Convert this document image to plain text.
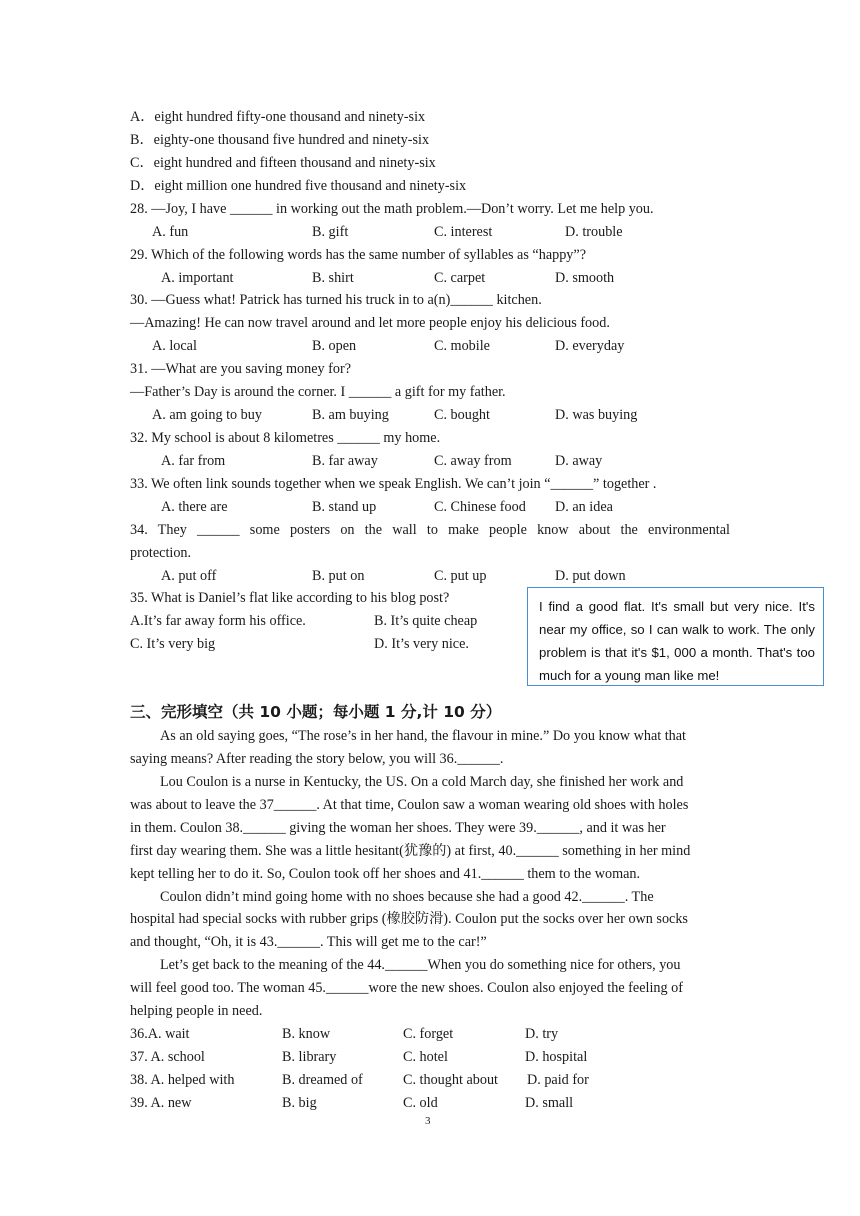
A．eight hundred fifty-one thousand and ninety-six
B．eighty-one thousand five hundred and ninety-six
C．eight hundred and fifteen thousand and ninety-six
D．eight million one hundred five thousand and ninety-six
28. —Joy, I have ______ in working out the math problem.—Don’t worry. Let me help you.
A. fun	B. gift	C. interest	D. trouble
29. Which of the following words has the same number of syllables as “happy”?
A. important	B. shirt	C. carpet	D. smooth
30. —Guess what! Patrick has turned his truck in to a(n)______ kitchen.
—Amazing! He can now travel around and let more people enjoy his delicious food.
A. local	B. open	C. mobile	D. everyday
31. —What are you saving money for?
—Father’s Day is around the corner. I ______ a gift for my father.
A. am going to buy	B. am buying	C. bought	D. was buying
32. My school is about 8 kilometres ______ my home.
A. far from	B. far away	C. away from	D. away
33. We often link sounds together when we speak English. We can’t join “______” together .
A. there are	B. stand up	C. Chinese food D. an idea
34. They ______ some posters on the wall to make people know about the environmental
protection.
A. put off	B. put on	C. put up	D. put down
35. What is Daniel’s flat like according to his blog post?
A.It’s far away form his office.	B. It’s quite cheap
C. It’s very big	D. It’s very nice.
I find a good flat. It's small but very nice. It's near my office, so I can walk to work. The only problem is that it's $1, 000 a month. That's too much for a young man like me!
三、完形填空（共 10 小题；每小题 1 分,计 10 分）
As an old saying goes, “The rose’s in her hand, the flavour in mine.” Do you know what that
saying means? After reading the story below, you will 36.______.
Lou Coulon is a nurse in Kentucky, the US. On a cold March day, she finished her work and
was about to leave the 37______. At that time, Coulon saw a woman wearing old shoes with holes
in them. Coulon 38.______ giving the woman her shoes. They were 39.______, and it was her
first day wearing them. She was a little hesitant(犹豫的) at first, 40.______ something in her mind
kept telling her to do it. So, Coulon took off her shoes and 41.______ them to the woman.
Coulon didn’t mind going home with no shoes because she had a good 42.______. The
hospital had special socks with rubber grips (橡胶防滑). Coulon put the socks over her own socks
and thought, “Oh, it is 43.______. This will get me to the car!”
Let’s get back to the meaning of the 44.______When you do something nice for others, you
will feel good too. The woman 45.______wore the new shoes. Coulon also enjoyed the feeling of
helping people in need.
36.A. wait	B. know	C. forget	D. try
37. A. school	B. library	C. hotel	D. hospital
38. A. helped with	B. dreamed of	C. thought about D. paid for
39. A. new	B. big	C. old	D. small
3
